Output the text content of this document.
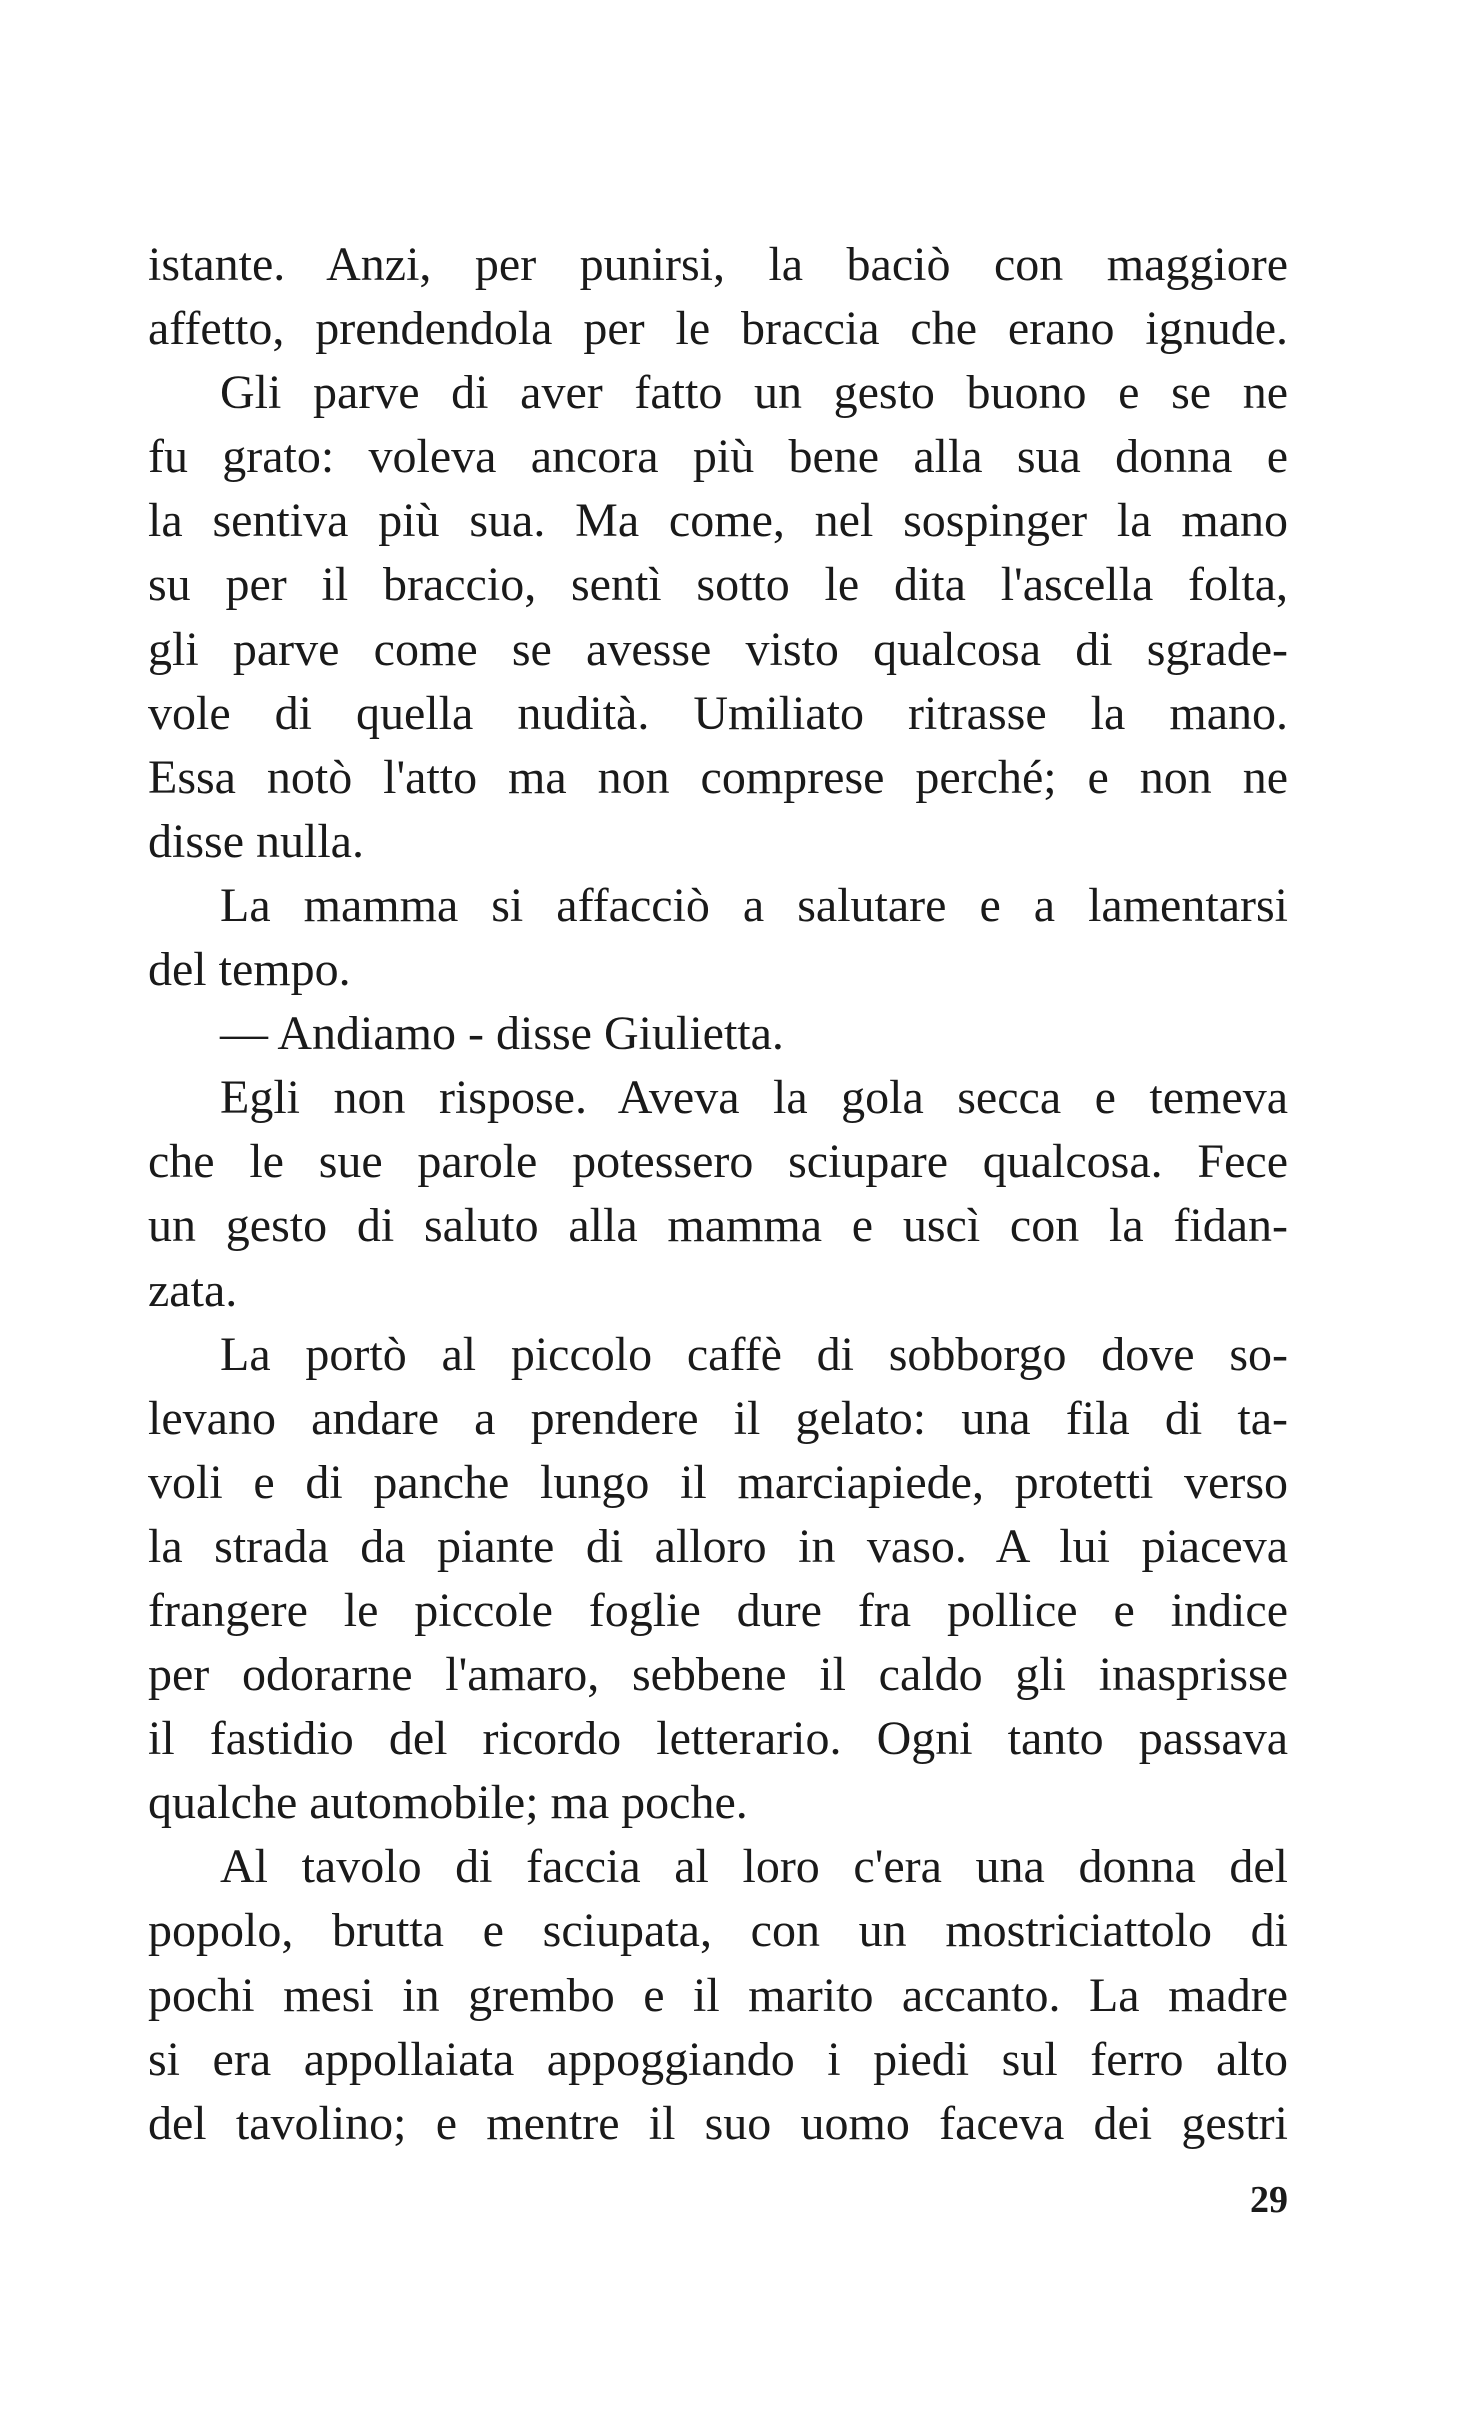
istante. Anzi, per punirsi, la baciò con maggiore
affetto, prendendola per le braccia che erano ignude.
Gli parve di aver fatto un gesto buono e se ne
fu grato: voleva ancora più bene alla sua donna e
la sentiva più sua. Ma come, nel sospinger la mano
su per il braccio, sentì sotto le dita l'ascella folta,
gli parve come se avesse visto qualcosa di sgrade-
vole di quella nudità. Umiliato ritrasse la mano.
Essa notò l'atto ma non comprese perché; e non ne
disse nulla.
La mamma si affacciò a salutare e a lamentarsi
del tempo.
— Andiamo - disse Giulietta.
Egli non rispose. Aveva la gola secca e temeva
che le sue parole potessero sciupare qualcosa. Fece
un gesto di saluto alla mamma e uscì con la fidan-
zata.
La portò al piccolo caffè di sobborgo dove so-
levano andare a prendere il gelato: una fila di ta-
voli e di panche lungo il marciapiede, protetti verso
la strada da piante di alloro in vaso. A lui piaceva
frangere le piccole foglie dure fra pollice e indice
per odorarne l'amaro, sebbene il caldo gli inasprisse
il fastidio del ricordo letterario. Ogni tanto passava
qualche automobile; ma poche.
Al tavolo di faccia al loro c'era una donna del
popolo, brutta e sciupata, con un mostriciattolo di
pochi mesi in grembo e il marito accanto. La madre
si era appollaiata appoggiando i piedi sul ferro alto
del tavolino; e mentre il suo uomo faceva dei gestri
29
